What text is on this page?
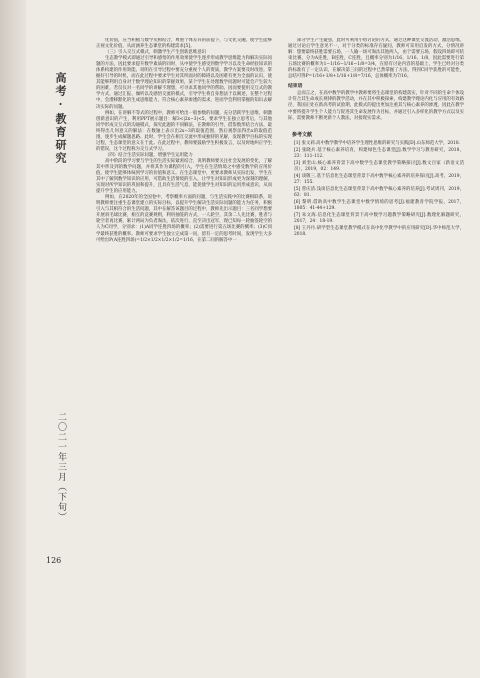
高考·教育研究
二〇二一年三月（下旬）
126

化价值，应当积极与数学史相结合，尊重个体差异的前提下，与文化交融，使学生能够正视文化价值，从而涵养生态课堂的构建需求[5]。

（三）引入交互式模式，刺激学生产生创新思维意识

生态教学模式即通过引导和感悟的作用效果使学生逐步形成教学思维能力和解决实际问题的方法，因此要求提升数学素质的同时，从中使学生感受到数学学习以及生命经验知识的体系构建的作用效能。说明在引导过程中要充分重视个人的资质，教学方案要及时改进，掌握好引导的时机，而在此过程中要求学生对其所面对的障碍以及困难有更为全面的认识，使其能够利用自身对于数学理论知识的掌握效果，某个学生在处理数学问题时可能会产生较大的困难，若仅仅对一名同学的讲解不理想，可寻求其他同学的帮助。因而要使用交互式的教学方式，通过汇报、倾听以及感悟交流的模式，引导学生将自身想法于以阐述，在整个过程中，会潜移默化的生成思维能力，符合核心素养渗透的需求，进而学会利用掌握的知识去解决实际的问题。

例如，在讲解不等式的过程中，教师可给出一般参数的问题，充分活跃学生思维，刺激创新意识的产生，利用PPT展示题目：解3<|2x−3|<5，要求学生在独立思考后，与其他同学形成交互式的沟通模式，探究此题的不同解法，在教师的引导，借鉴数形结合方法，最终得出几何意义的解法：在数轴上表示出2x−3的取值范围，然后观察法得出x的取值范围，逐步生成解题思路。此时，学生会在相互交流中形成独特的见解，发现教学目标的实现过程，生态课堂的意义在于此。在此过程中，教师要鼓励学生积极发言，以及时地纠正学生的错误，这个过程称为交互式学习。

（四）结合生活实际问题，增强学生运用能力

高中阶段的学习要与学生的生活实际紧密结合，说明教师要关注社会发展的变化，了解其中涉及到的数学问题，并将其作为课程的引入，学生在生活情境之中感受数学的应用价值，使学生能够体味到学习的价值和意义。在生态课堂中，更要求教师从实际出发，学生在其中了解到数学知识的应用，可借助生活情境的引入，让学生对知识形成更为深刻的理解，实现对所学知识的巩固和提升，且具有生活气息，能促使学生对知识的运用形成意识，从而提升学生的应用能力。

例如，在2020年的全国卷中，考察概率方面的问题，与生活实践中的比赛相联系，说明教师要注重生态课堂建立的实际目标，以提升学生解决生活实际问题的能力为任务，积极引入与其相符合的生活问题，其中在解答该题目的过程中，教师先出示题目：三名同学想要开展羽毛球比赛，相互的竞赛规则，利用抽签的方式，一人轮空，其余二人先比赛，胜者与轮空者再比赛，累计两局为负者淘汰，依次进行，直至决出冠军，现已知每一轮抽签轮空的人为C同学，分别求：(1)A同学连胜四场的概率；(2)需要进行第五场比赛的概率；(3)C同学最终获胜的概率。教师可要求学生独立完成第一问，留有一定的思考时间，发现学生大多可给出P(A连胜四场)=1/2×1/2×1/2×1/2=1/16，在第二问的解答中一

部分学生产生疑惑，此时可利用小组讨论的方式，通过这种课堂交流活动，激活思维。通过讨论后学生意见不一，对于分类的标准存在疑问，教师可采用启发的方式，分情况讲解：想要最终获胜需要五场，一人输一场可淘汰其他两人，由于需要五场，假设四场即可结束比赛，分为A连胜，B连胜，C连胜，且概率分别为1/16、1/16、1/8，因此需要进行第五场比赛的概率为1−1/16−1/16−1/8=3/4，在原有讨论内容的基础上，学生已经对分类的标准有了一定认识，在解决第三问的过程中已然掌握了方法，得到C同学获胜的可能性，总结可得P=1/16+1/8+1/16+1/8=7/16，总体概率为7/16。

结束语

总而言之，在高中数学的教学中教师要将生态课堂的构建落实，针对不同的生命个体设计符合其生命成长规律的教学活动，并在其中积极探索，构建教学理论内化与应用的有效路径，我国正处在新高考的试验期，此模式的提出更加注重其与核心素养的渗透，因此在教学中要将提升学生个人能力与促进其生命发展作为目标，并通过引入多样化的教学方式以及实际，需要教师不断更新个人教法，对接现实需求。

参考文献

[1] 张文莉.高中数学教学中培养学生理性思维的研究与实践[D].山东师范大学，2018.

[2] 张晓兵.基于核心素养培育，构建绿色生态课堂[J].数学学习与教育研究，2018，23：111-112.

[3] 刘奎山.核心素养背景下高中数学生态课堂教学策略探讨[J].数文百家（新语文活页），2019，02：149.

[4] 谈敬三.基于信息化生态课堂背景下高中数学核心素养的培养探讨[J].高考，2019，27：155.

[5] 曾庆清.浅谈信息化生态课堂背景下高中数学核心素养的培养[J].考试周刊，2019，63：81.

[6] 黎明.借助高中数学生态课堂中数学情境的思考[J].福建教育学院学报，2017，1805：41-44+129.

[7] 朱文海.信息化生态课堂背景下高中数学习题教学策略研究[J].数理化解题研究，2017，24：18-19.

[8] 王丹丹.研学型生态课堂教学模式在高中化学教学中的应用研究[D].华中师范大学，2018.
